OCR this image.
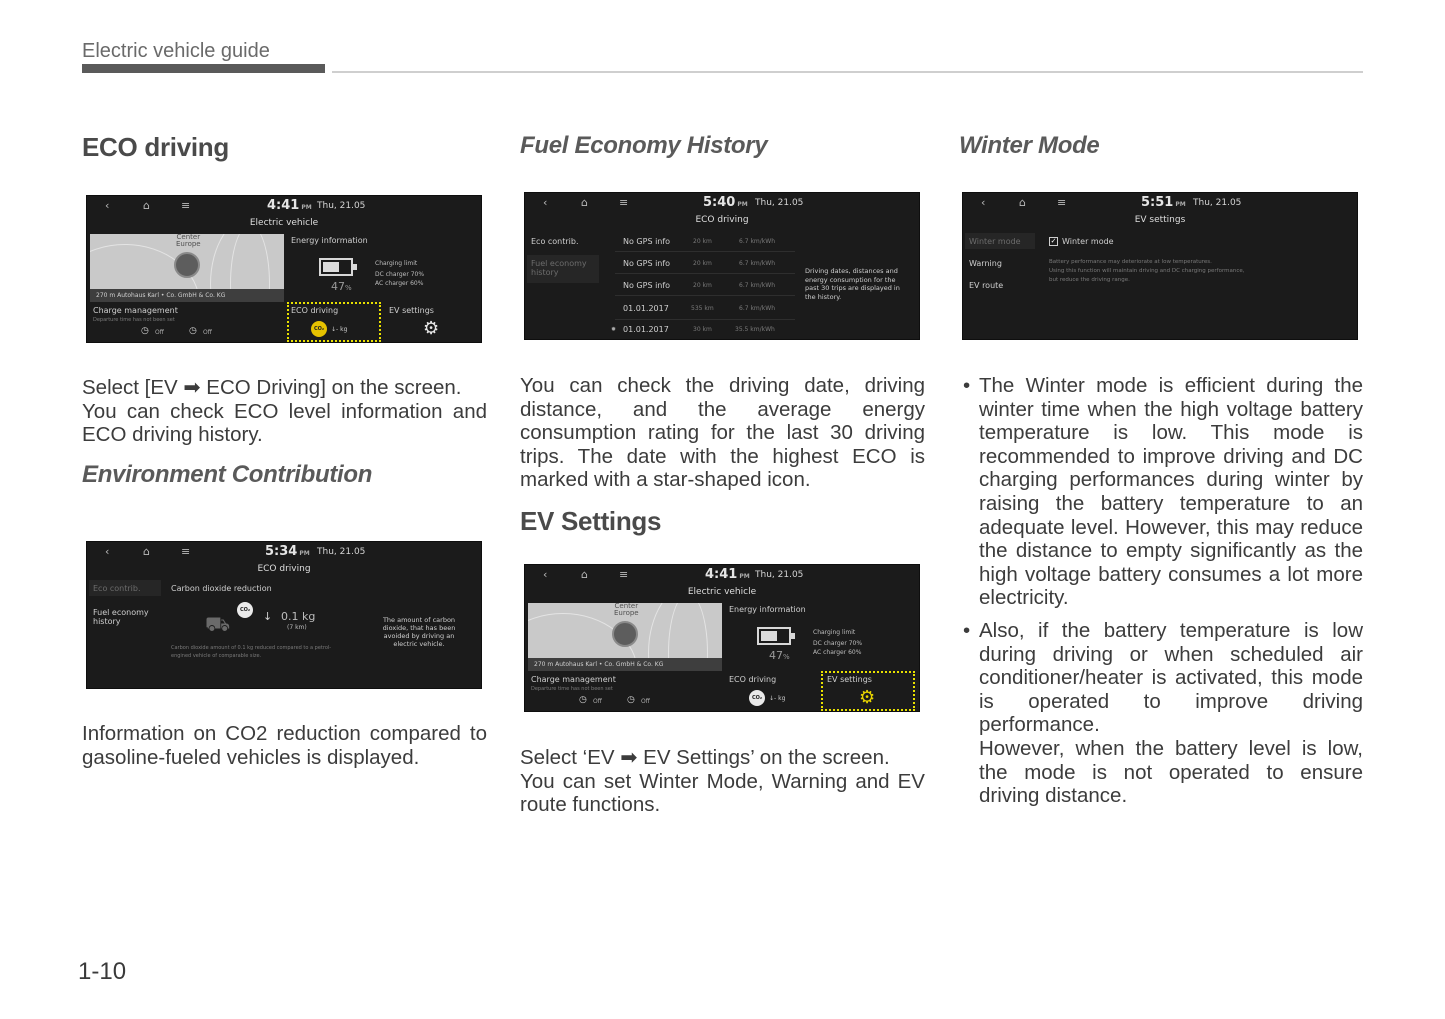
Electric vehicle guide
ECO driving
‹	⌂	≡	4:41 PM Thu, 21.05
Electric vehicle
Center
Europe
270 m Autohaus Karl • Co. GmbH & Co. KG
Energy information
47%
Charging limit
DC charger 70%
AC charger 60%
Charge management
Departure time has not been set
◷ Off	◷ Off
ECO driving
CO₂	↓- kg
EV settings
⚙

Select [EV ➡ ECO Driving] on the screen.

You can check ECO level information and ECO driving history.

Environment Contribution
‹	⌂	≡	5:34 PM Thu, 21.05
ECO driving
Eco contrib.
Fuel economy history
Carbon dioxide reduction
⛟
CO₂ ↓ 0.1 kg
(7 km)
Carbon dioxide amount of 0.1 kg reduced compared to a petrol-engined vehicle of comparable size.
The amount of carbon dioxide, that has been avoided by driving an electric vehicle.

Information on CO2 reduction compared to gasoline-fueled vehicles is displayed.

Fuel Economy History
‹	⌂	≡	5:40 PM Thu, 21.05
ECO driving
Eco contrib.
Fuel economy history
No GPS info	20 km	6.7 km/kWh
No GPS info	20 km	6.7 km/kWh
No GPS info	20 km	6.7 km/kWh
01.01.2017	535 km	6.7 km/kWh
✹ 01.01.2017	30 km	35.5 km/kWh
Driving dates, distances and energy consumption for the past 30 trips are displayed in the history.

You can check the driving date, driving distance, and the average energy consumption rating for the last 30 driving trips. The date with the highest ECO is marked with a star-shaped icon.

EV Settings
‹	⌂	≡	4:41 PM Thu, 21.05
Electric vehicle
Center
Europe
270 m Autohaus Karl • Co. GmbH & Co. KG
Energy information
47%
Charging limit
DC charger 70%
AC charger 60%
Charge management
Departure time has not been set
◷ Off	◷ Off
ECO driving
CO₂	↓- kg
EV settings
⚙

Select ‘EV ➡ EV Settings’ on the screen.

You can set Winter Mode, Warning and EV route functions.

Winter Mode
‹	⌂	≡	5:51 PM Thu, 21.05
EV settings
Winter mode
Warning
EV route
✓ Winter mode
Battery performance may deteriorate at low temperatures.
Using this function will maintain driving and DC charging performance,
but reduce the driving range.
• The Winter mode is efficient during the winter time when the high voltage battery temperature is low. This mode is recommended to improve driving and DC charging performances during winter by raising the battery temperature to an adequate level. However, this may reduce the distance to empty significantly as the high voltage battery consumes a lot more electricity.
• Also, if the battery temperature is low during driving or when scheduled air conditioner/heater is activated, this mode is operated to improve driving performance.
However, when the battery level is low, the mode is not operated to ensure driving distance.
1-10
